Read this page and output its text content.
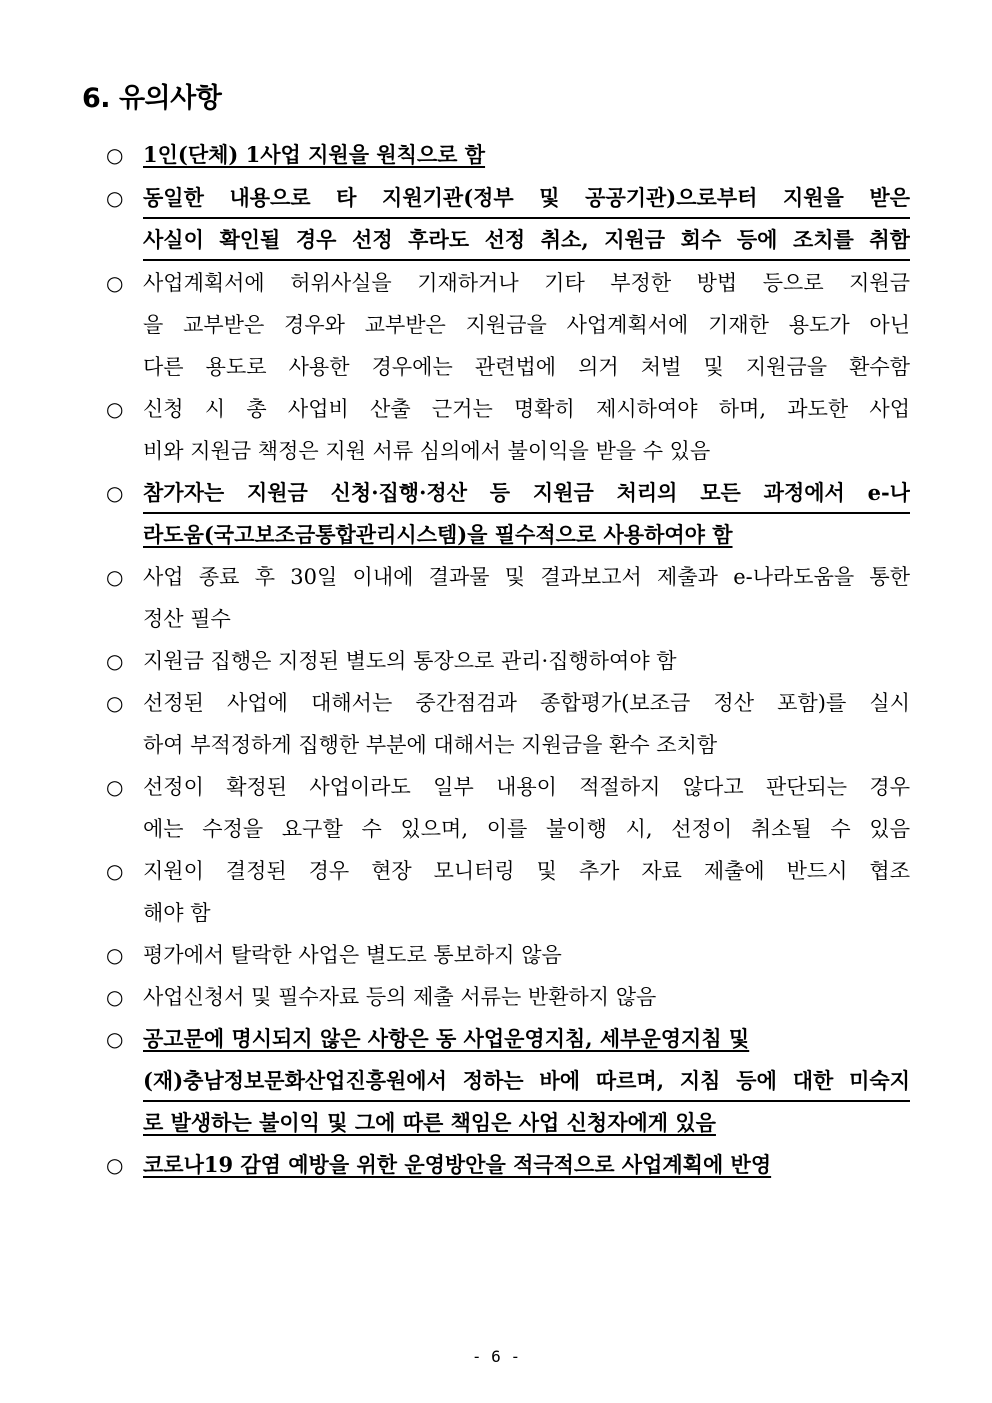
6. 유의사항
○ 1인(단체) 1사업 지원을 원칙으로 함
○ 동일한 내용으로 타 지원기관(정부 및 공공기관)으로부터 지원을 받은
사실이 확인될 경우 선정 후라도 선정 취소, 지원금 회수 등에 조치를 취함
○ 사업계획서에 허위사실을 기재하거나 기타 부정한 방법 등으로 지원금
을 교부받은 경우와 교부받은 지원금을 사업계획서에 기재한 용도가 아닌
다른 용도로 사용한 경우에는 관련법에 의거 처벌 및 지원금을 환수함
○ 신청 시 총 사업비 산출 근거는 명확히 제시하여야 하며, 과도한 사업
비와 지원금 책정은 지원 서류 심의에서 불이익을 받을 수 있음
○ 참가자는 지원금 신청·집행·정산 등 지원금 처리의 모든 과정에서 e-나
라도움(국고보조금통합관리시스템)을 필수적으로 사용하여야 함
○ 사업 종료 후 30일 이내에 결과물 및 결과보고서 제출과 e-나라도움을 통한
정산 필수
○ 지원금 집행은 지정된 별도의 통장으로 관리·집행하여야 함
○ 선정된 사업에 대해서는 중간점검과 종합평가(보조금 정산 포함)를 실시
하여 부적정하게 집행한 부분에 대해서는 지원금을 환수 조치함
○ 선정이 확정된 사업이라도 일부 내용이 적절하지 않다고 판단되는 경우
에는 수정을 요구할 수 있으며, 이를 불이행 시, 선정이 취소될 수 있음
○ 지원이 결정된 경우 현장 모니터링 및 추가 자료 제출에 반드시 협조
해야 함
○ 평가에서 탈락한 사업은 별도로 통보하지 않음
○ 사업신청서 및 필수자료 등의 제출 서류는 반환하지 않음
○ 공고문에 명시되지 않은 사항은 동 사업운영지침, 세부운영지침 및
(재)충남정보문화산업진흥원에서 정하는 바에 따르며, 지침 등에 대한 미숙지
로 발생하는 불이익 및 그에 따른 책임은 사업 신청자에게 있음
○ 코로나19 감염 예방을 위한 운영방안을 적극적으로 사업계획에 반영
- 6 -
